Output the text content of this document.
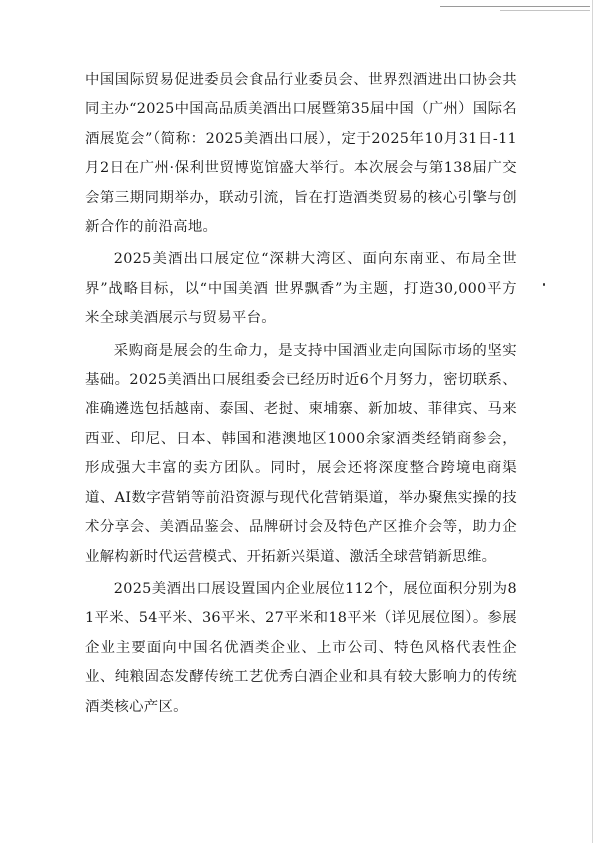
中国国际贸易促进委员会食品行业委员会、世界烈酒进出口协会共同主办“2025中国高品质美酒出口展暨第35届中国（广州）国际名酒展览会”（简称：2025美酒出口展），定于2025年10月31日-11月2日在广州·保利世贸博览馆盛大举行。本次展会与第138届广交会第三期同期举办，联动引流，旨在打造酒类贸易的核心引擎与创新合作的前沿高地。

2025美酒出口展定位“深耕大湾区、面向东南亚、布局全世界”战略目标，以“中国美酒 世界飘香”为主题，打造30,000平方米全球美酒展示与贸易平台。

采购商是展会的生命力，是支持中国酒业走向国际市场的坚实基础。2025美酒出口展组委会已经历时近6个月努力，密切联系、准确遴选包括越南、泰国、老挝、柬埔寨、新加坡、菲律宾、马来西亚、印尼、日本、韩国和港澳地区1000余家酒类经销商参会，形成强大丰富的卖方团队。同时，展会还将深度整合跨境电商渠道、AI数字营销等前沿资源与现代化营销渠道，举办聚焦实操的技术分享会、美酒品鉴会、品牌研讨会及特色产区推介会等，助力企业解构新时代运营模式、开拓新兴渠道、激活全球营销新思维。

2025美酒出口展设置国内企业展位112个，展位面积分别为81平米、54平米、36平米、27平米和18平米（详见展位图）。参展企业主要面向中国名优酒类企业、上市公司、特色风格代表性企业、纯粮固态发酵传统工艺优秀白酒企业和具有较大影响力的传统酒类核心产区。
